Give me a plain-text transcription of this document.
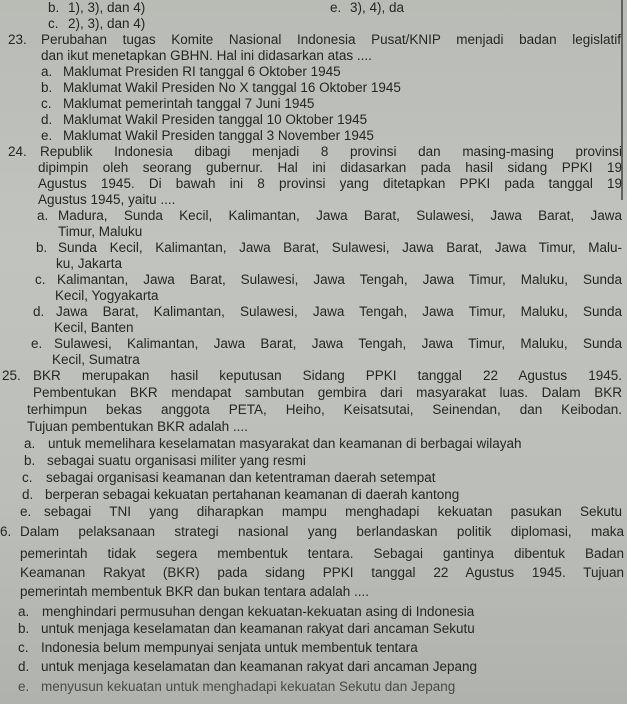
b. 1), 3), dan 4)
c. 2), 3), dan 4)
e. 3), 4), da
23. Perubahan tugas Komite Nasional Indonesia Pusat/KNIP menjadi badan legislatif
dan ikut menetapkan GBHN. Hal ini didasarkan atas ....
a. Maklumat Presiden RI tanggal 6 Oktober 1945
b. Maklumat Wakil Presiden No X tanggal 16 Oktober 1945
c. Maklumat pemerintah tanggal 7 Juni 1945
d. Maklumat Wakil Presiden tanggal 10 Oktober 1945
e. Maklumat Wakil Presiden tanggal 3 November 1945
24. Republik Indonesia dibagi menjadi 8 provinsi dan masing-masing provinsi
dipimpin oleh seorang gubernur. Hal ini didasarkan pada hasil sidang PPKI 19
Agustus 1945. Di bawah ini 8 provinsi yang ditetapkan PPKI pada tanggal 19
Agustus 1945, yaitu ....
a. Madura, Sunda Kecil, Kalimantan, Jawa Barat, Sulawesi, Jawa Barat, Jawa
Timur, Maluku
b. Sunda Kecil, Kalimantan, Jawa Barat, Sulawesi, Jawa Barat, Jawa Timur, Malu-
ku, Jakarta
c. Kalimantan, Jawa Barat, Sulawesi, Jawa Tengah, Jawa Timur, Maluku, Sunda
Kecil, Yogyakarta
d. Jawa Barat, Kalimantan, Sulawesi, Jawa Tengah, Jawa Timur, Maluku, Sunda
Kecil, Banten
e. Sulawesi, Kalimantan, Jawa Barat, Jawa Tengah, Jawa Timur, Maluku, Sunda
Kecil, Sumatra
25. BKR merupakan hasil keputusan Sidang PPKI tanggal 22 Agustus 1945.
Pembentukan BKR mendapat sambutan gembira dari masyarakat luas. Dalam BKR
terhimpun bekas anggota PETA, Heiho, Keisatsutai, Seinendan, dan Keibodan.
Tujuan pembentukan BKR adalah ....
a. untuk memelihara keselamatan masyarakat dan keamanan di berbagai wilayah
b. sebagai suatu organisasi militer yang resmi
c. sebagai organisasi keamanan dan ketentraman daerah setempat
d. berperan sebagai kekuatan pertahanan keamanan di daerah kantong
e. sebagai TNI yang diharapkan mampu menghadapi kekuatan pasukan Sekutu
6. Dalam pelaksanaan strategi nasional yang berlandaskan politik diplomasi, maka
pemerintah tidak segera membentuk tentara. Sebagai gantinya dibentuk Badan
Keamanan Rakyat (BKR) pada sidang PPKI tanggal 22 Agustus 1945. Tujuan
pemerintah membentuk BKR dan bukan tentara adalah ....
a. menghindari permusuhan dengan kekuatan-kekuatan asing di Indonesia
b. untuk menjaga keselamatan dan keamanan rakyat dari ancaman Sekutu
c. Indonesia belum mempunyai senjata untuk membentuk tentara
d. untuk menjaga keselamatan dan keamanan rakyat dari ancaman Jepang
e. menyusun kekuatan untuk menghadapi kekuatan Sekutu dan Jepang
